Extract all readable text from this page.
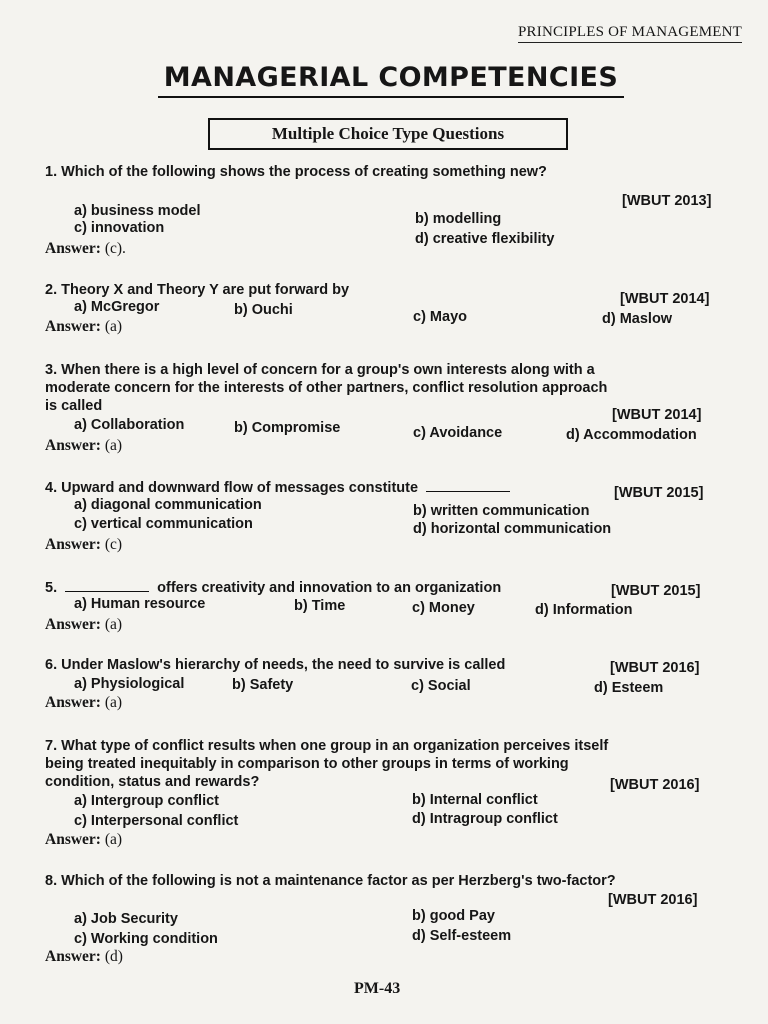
PRINCIPLES OF MANAGEMENT
MANAGERIAL COMPETENCIES
Multiple Choice Type Questions
1. Which of the following shows the process of creating something new?
[WBUT 2013]
a) business model	b) modelling
c) innovation
d) creative flexibility
Answer: (c).
2. Theory X and Theory Y are put forward by
[WBUT 2014]
a) McGregor	b) Ouchi	c) Mayo	d) Maslow
Answer: (a)
3. When there is a high level of concern for a group's own interests along with a
moderate concern for the interests of other partners, conflict resolution approach
is called
[WBUT 2014]
a) Collaboration	b) Compromise	c) Avoidance	d) Accommodation
Answer: (a)
4. Upward and downward flow of messages constitute	[WBUT 2015]
a) diagonal communication	b) written communication
c) vertical communication	d) horizontal communication
Answer: (c)
5.	offers creativity and innovation to an organization	[WBUT 2015]
a) Human resource	b) Time	c) Money	d) Information
Answer: (a)
6. Under Maslow's hierarchy of needs, the need to survive is called	[WBUT 2016]
a) Physiological	b) Safety	c) Social	d) Esteem
Answer: (a)
7. What type of conflict results when one group in an organization perceives itself
being treated inequitably in comparison to other groups in terms of working
condition, status and rewards?	[WBUT 2016]
a) Intergroup conflict	b) Internal conflict
c) Interpersonal conflict	d) Intragroup conflict
Answer: (a)
8. Which of the following is not a maintenance factor as per Herzberg's two-factor?
[WBUT 2016]
a) Job Security	b) good Pay
c) Working condition	d) Self-esteem
Answer: (d)
PM-43
